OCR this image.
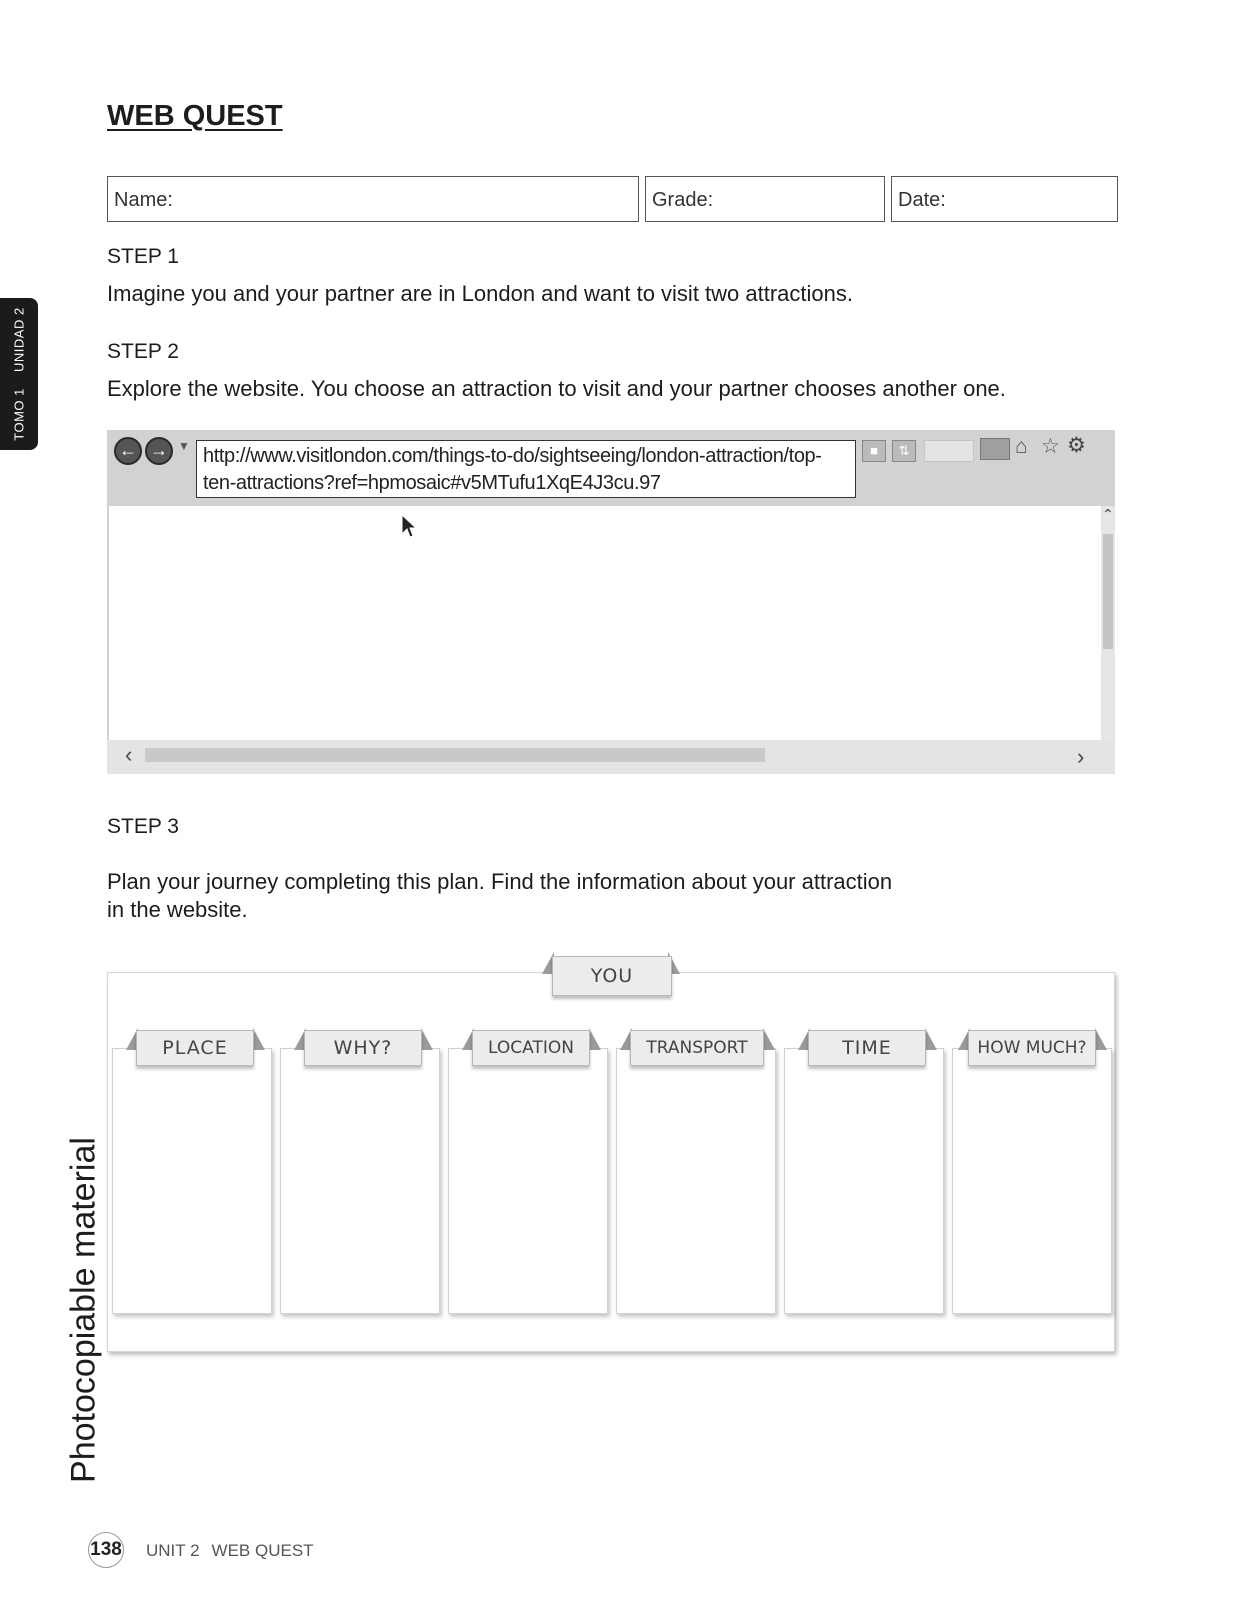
TOMO 1 UNIDAD 2
Photocopiable material
WEB QUEST
Name:	Grade:	Date:
STEP 1
Imagine you and your partner are in London and want to visit two attractions.
STEP 2
Explore the website. You choose an attraction to visit and your partner chooses another one.
← → ▼ http://www.visitlondon.com/things-to-do/sightseeing/london-attraction/top-
ten-attractions?ref=hpmosaic#v5MTufu1XqE4J3cu.97
■	⇅	⌂ ☆ ⚙
⌃
‹	›
STEP 3
Plan your journey completing this plan. Find the information about your attraction
in the website.
YOU
PLACE	WHY?	LOCATION	TRANSPORT	TIME	HOW MUCH?
138 UNIT 2 WEB QUEST
